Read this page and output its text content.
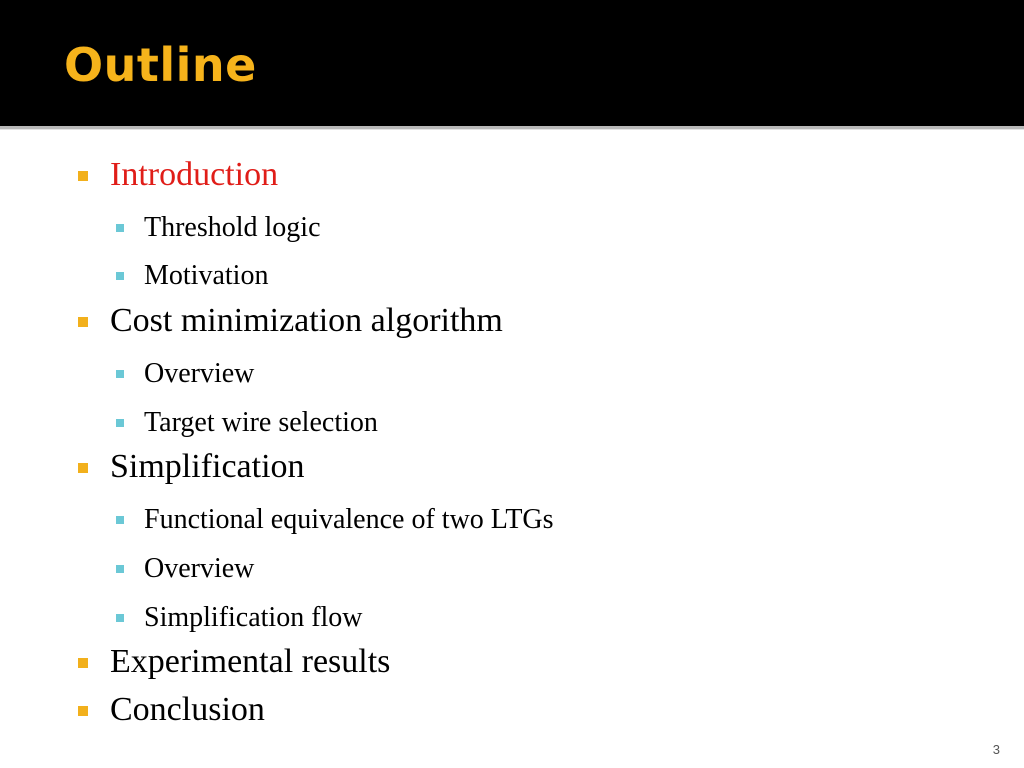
Outline
Introduction
Threshold logic
Motivation
Cost minimization algorithm
Overview
Target wire selection
Simplification
Functional equivalence of two LTGs
Overview
Simplification flow
Experimental results
Conclusion
3
